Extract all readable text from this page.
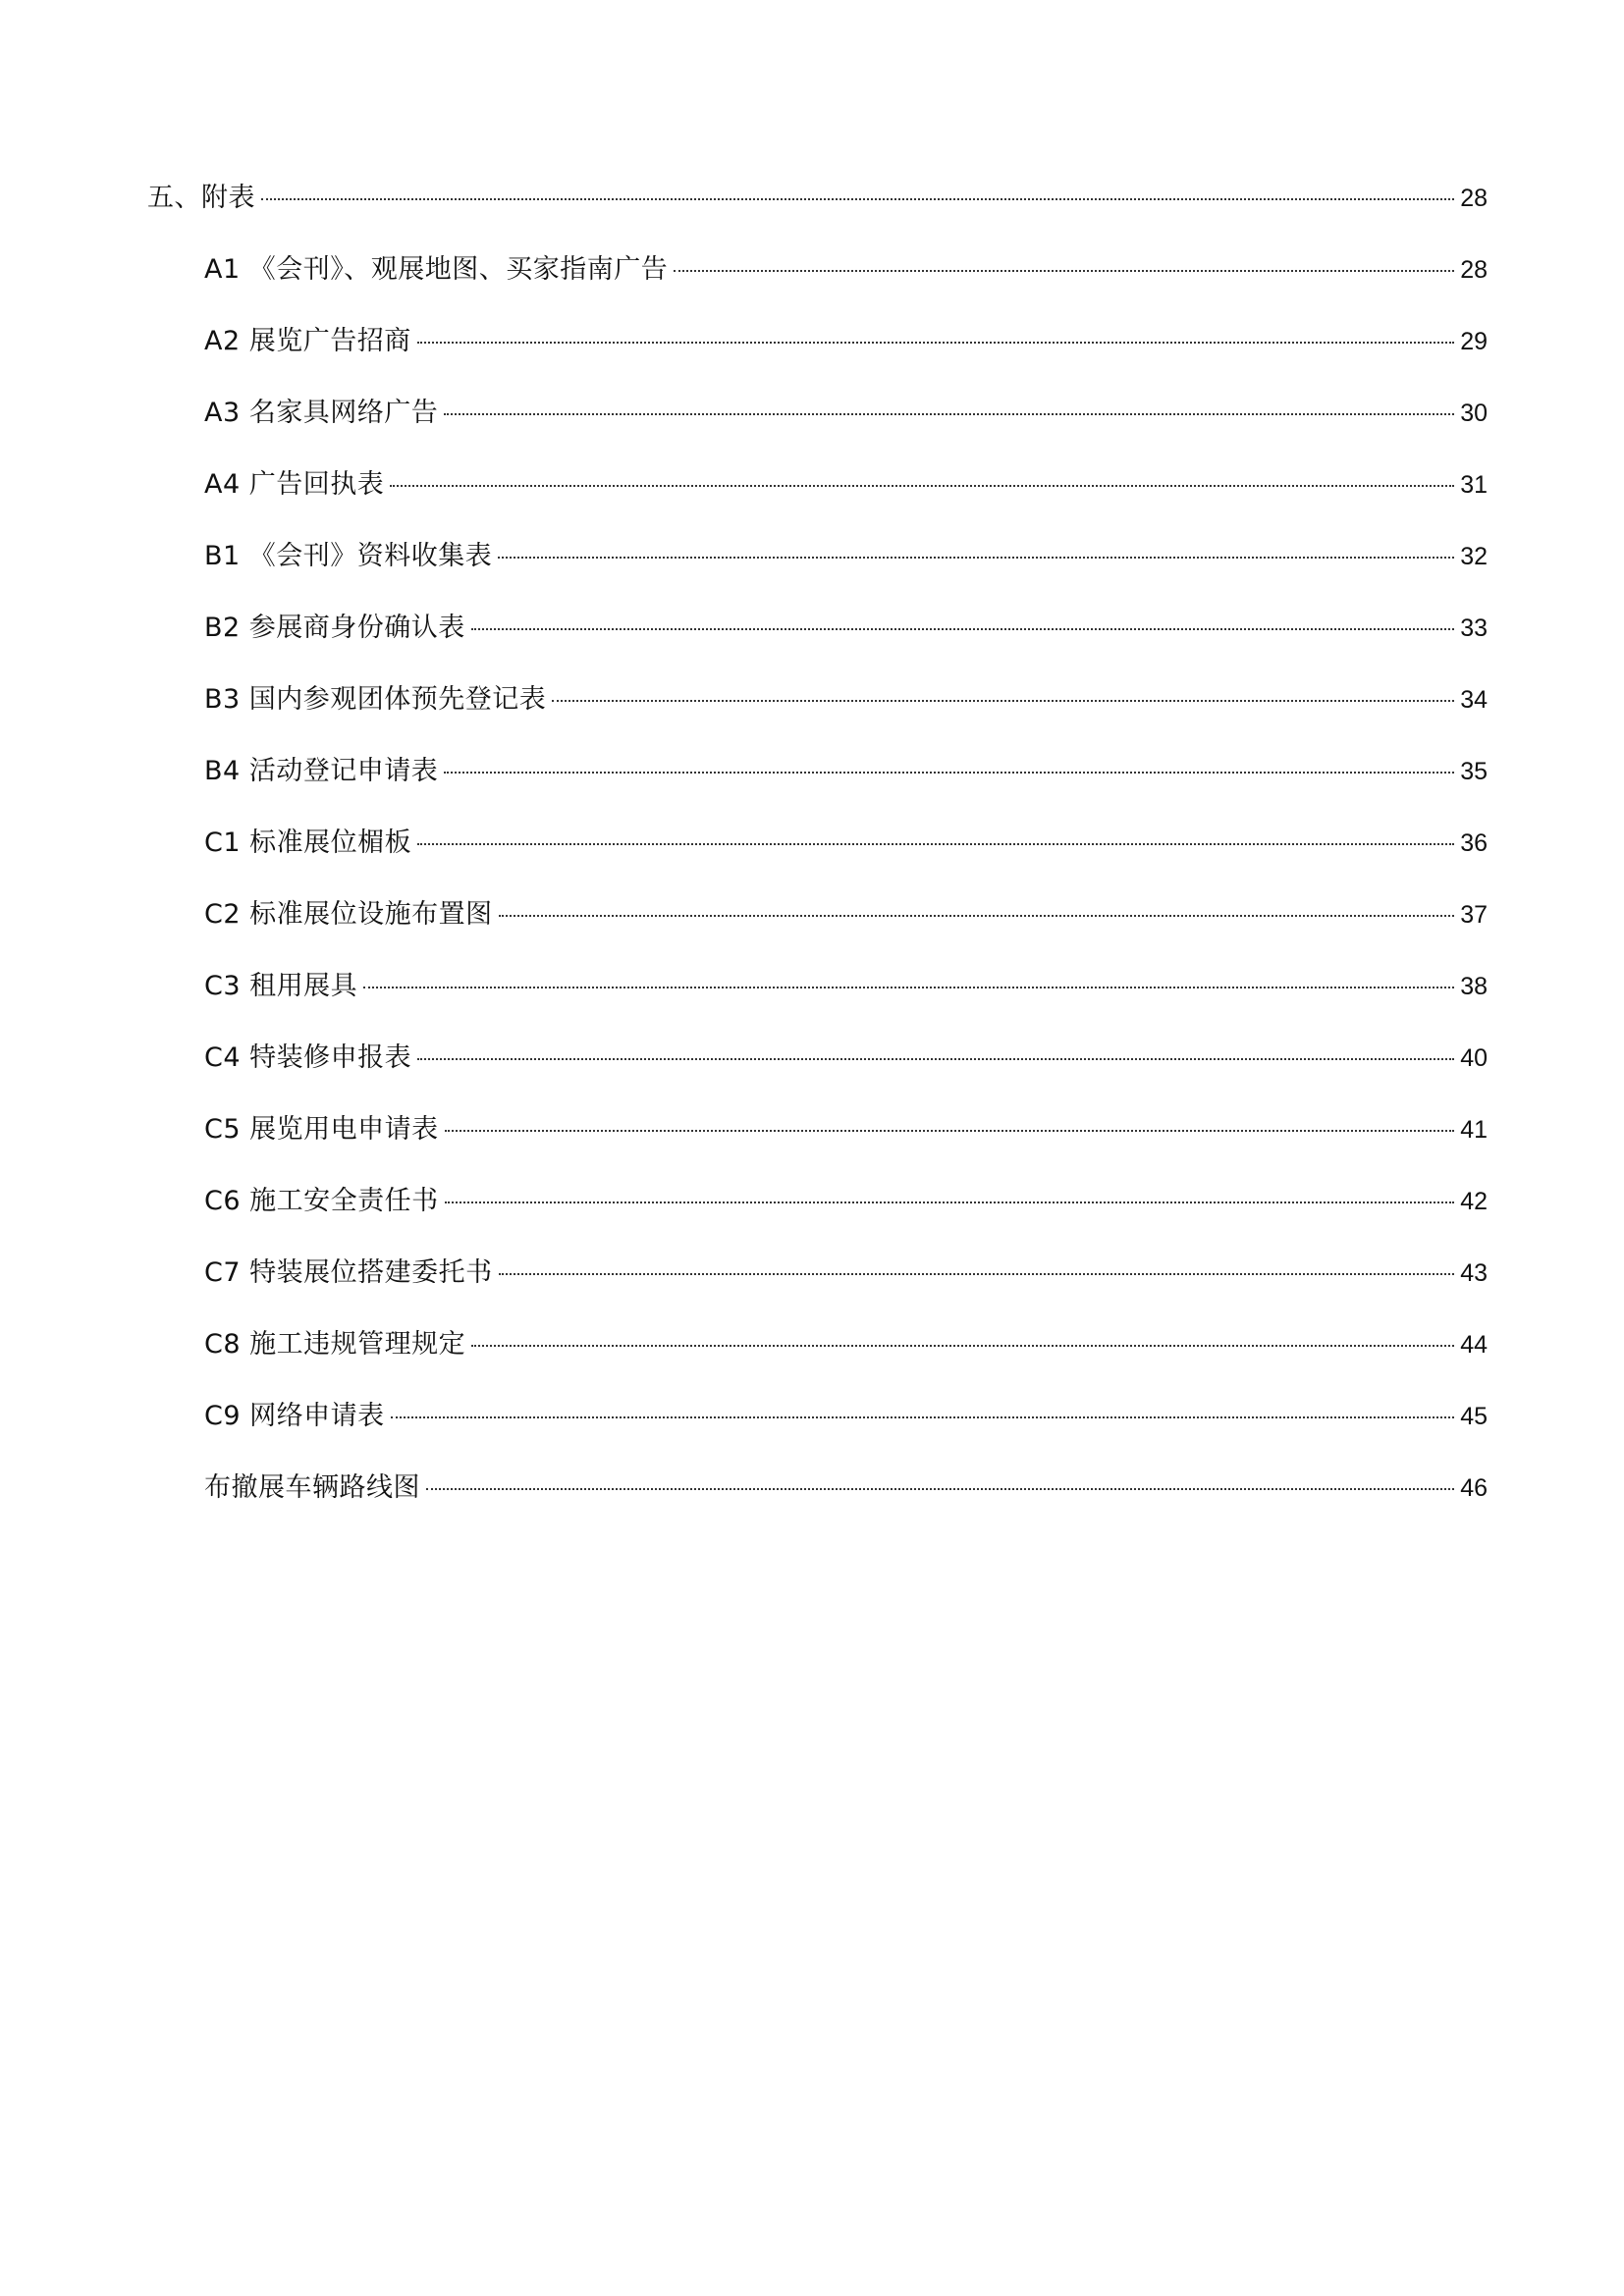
五、附表	28
A1 《会刊》、观展地图、买家指南广告	28
A2 展览广告招商	29
A3 名家具网络广告	30
A4 广告回执表	31
B1 《会刊》资料收集表	32
B2 参展商身份确认表	33
B3 国内参观团体预先登记表	34
B4 活动登记申请表	35
C1 标准展位楣板	36
C2 标准展位设施布置图	37
C3 租用展具	38
C4 特装修申报表	40
C5 展览用电申请表	41
C6 施工安全责任书	42
C7 特装展位搭建委托书	43
C8 施工违规管理规定	44
C9 网络申请表	45
布撤展车辆路线图	46
